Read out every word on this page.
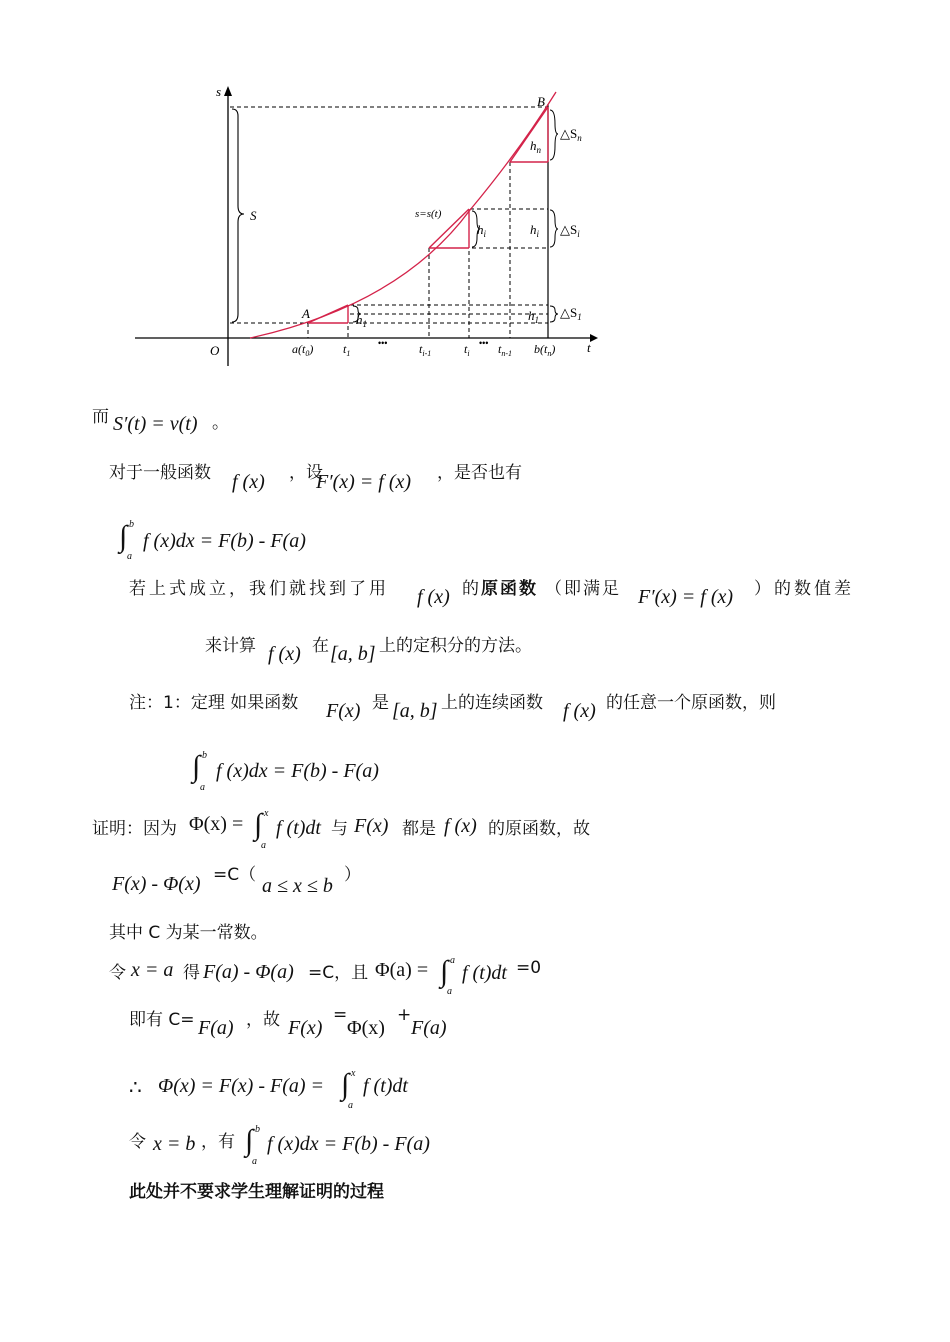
s
t
O
A
B
s=s(t)
S
$h_1$
$h_i$
$h_n$
$h_i$
$h_1$
$\triangle S_n$
$\triangle S_i$
$\triangle S_1$
$a(t_0)$ $t_1$	$t_{i-1}$	$t_i$ $t_{n-1}$ $b(t_n)$
•••	•••
而 S′(t) = v(t) 。
对于一般函数 f (x) ，设
F′(x) = f (x) ，是否也有
∫ b
a
f (x)dx = F(b) - F(a)
若上式成立，我们就找到了用 f (x) 的 原函数 （即满足 F′(x) = f (x) ）的数值差
来计算 f (x) 在 [a, b] 上的定积分的方法。
注：1：定理 如果函数 F(x) 是 [a, b] 上的连续函数 f (x) 的任意一个原函数，则
∫ b
a
f (x)dx = F(b) - F(a)
证明：因为 Φ(x) = ∫ x
a
f (t)dt 与 F(x) 都是 f (x) 的原函数，故
F(x) - Φ(x) =C（ a ≤ x ≤ b ）
其中 C 为某一常数。
令 x = a 得 F(a) - Φ(a) =C，且 Φ(a) = ∫ a
a
f (t)dt =0
即有 C= F(a) ，故 F(x)
=
Φ(x)
+
F(a)
∴ Φ(x) = F(x) - F(a) = ∫ x
a
f (t)dt
令 x = b ，有 ∫ b
a
f (x)dx = F(b) - F(a)
此处并不要求学生理解证明的过程
